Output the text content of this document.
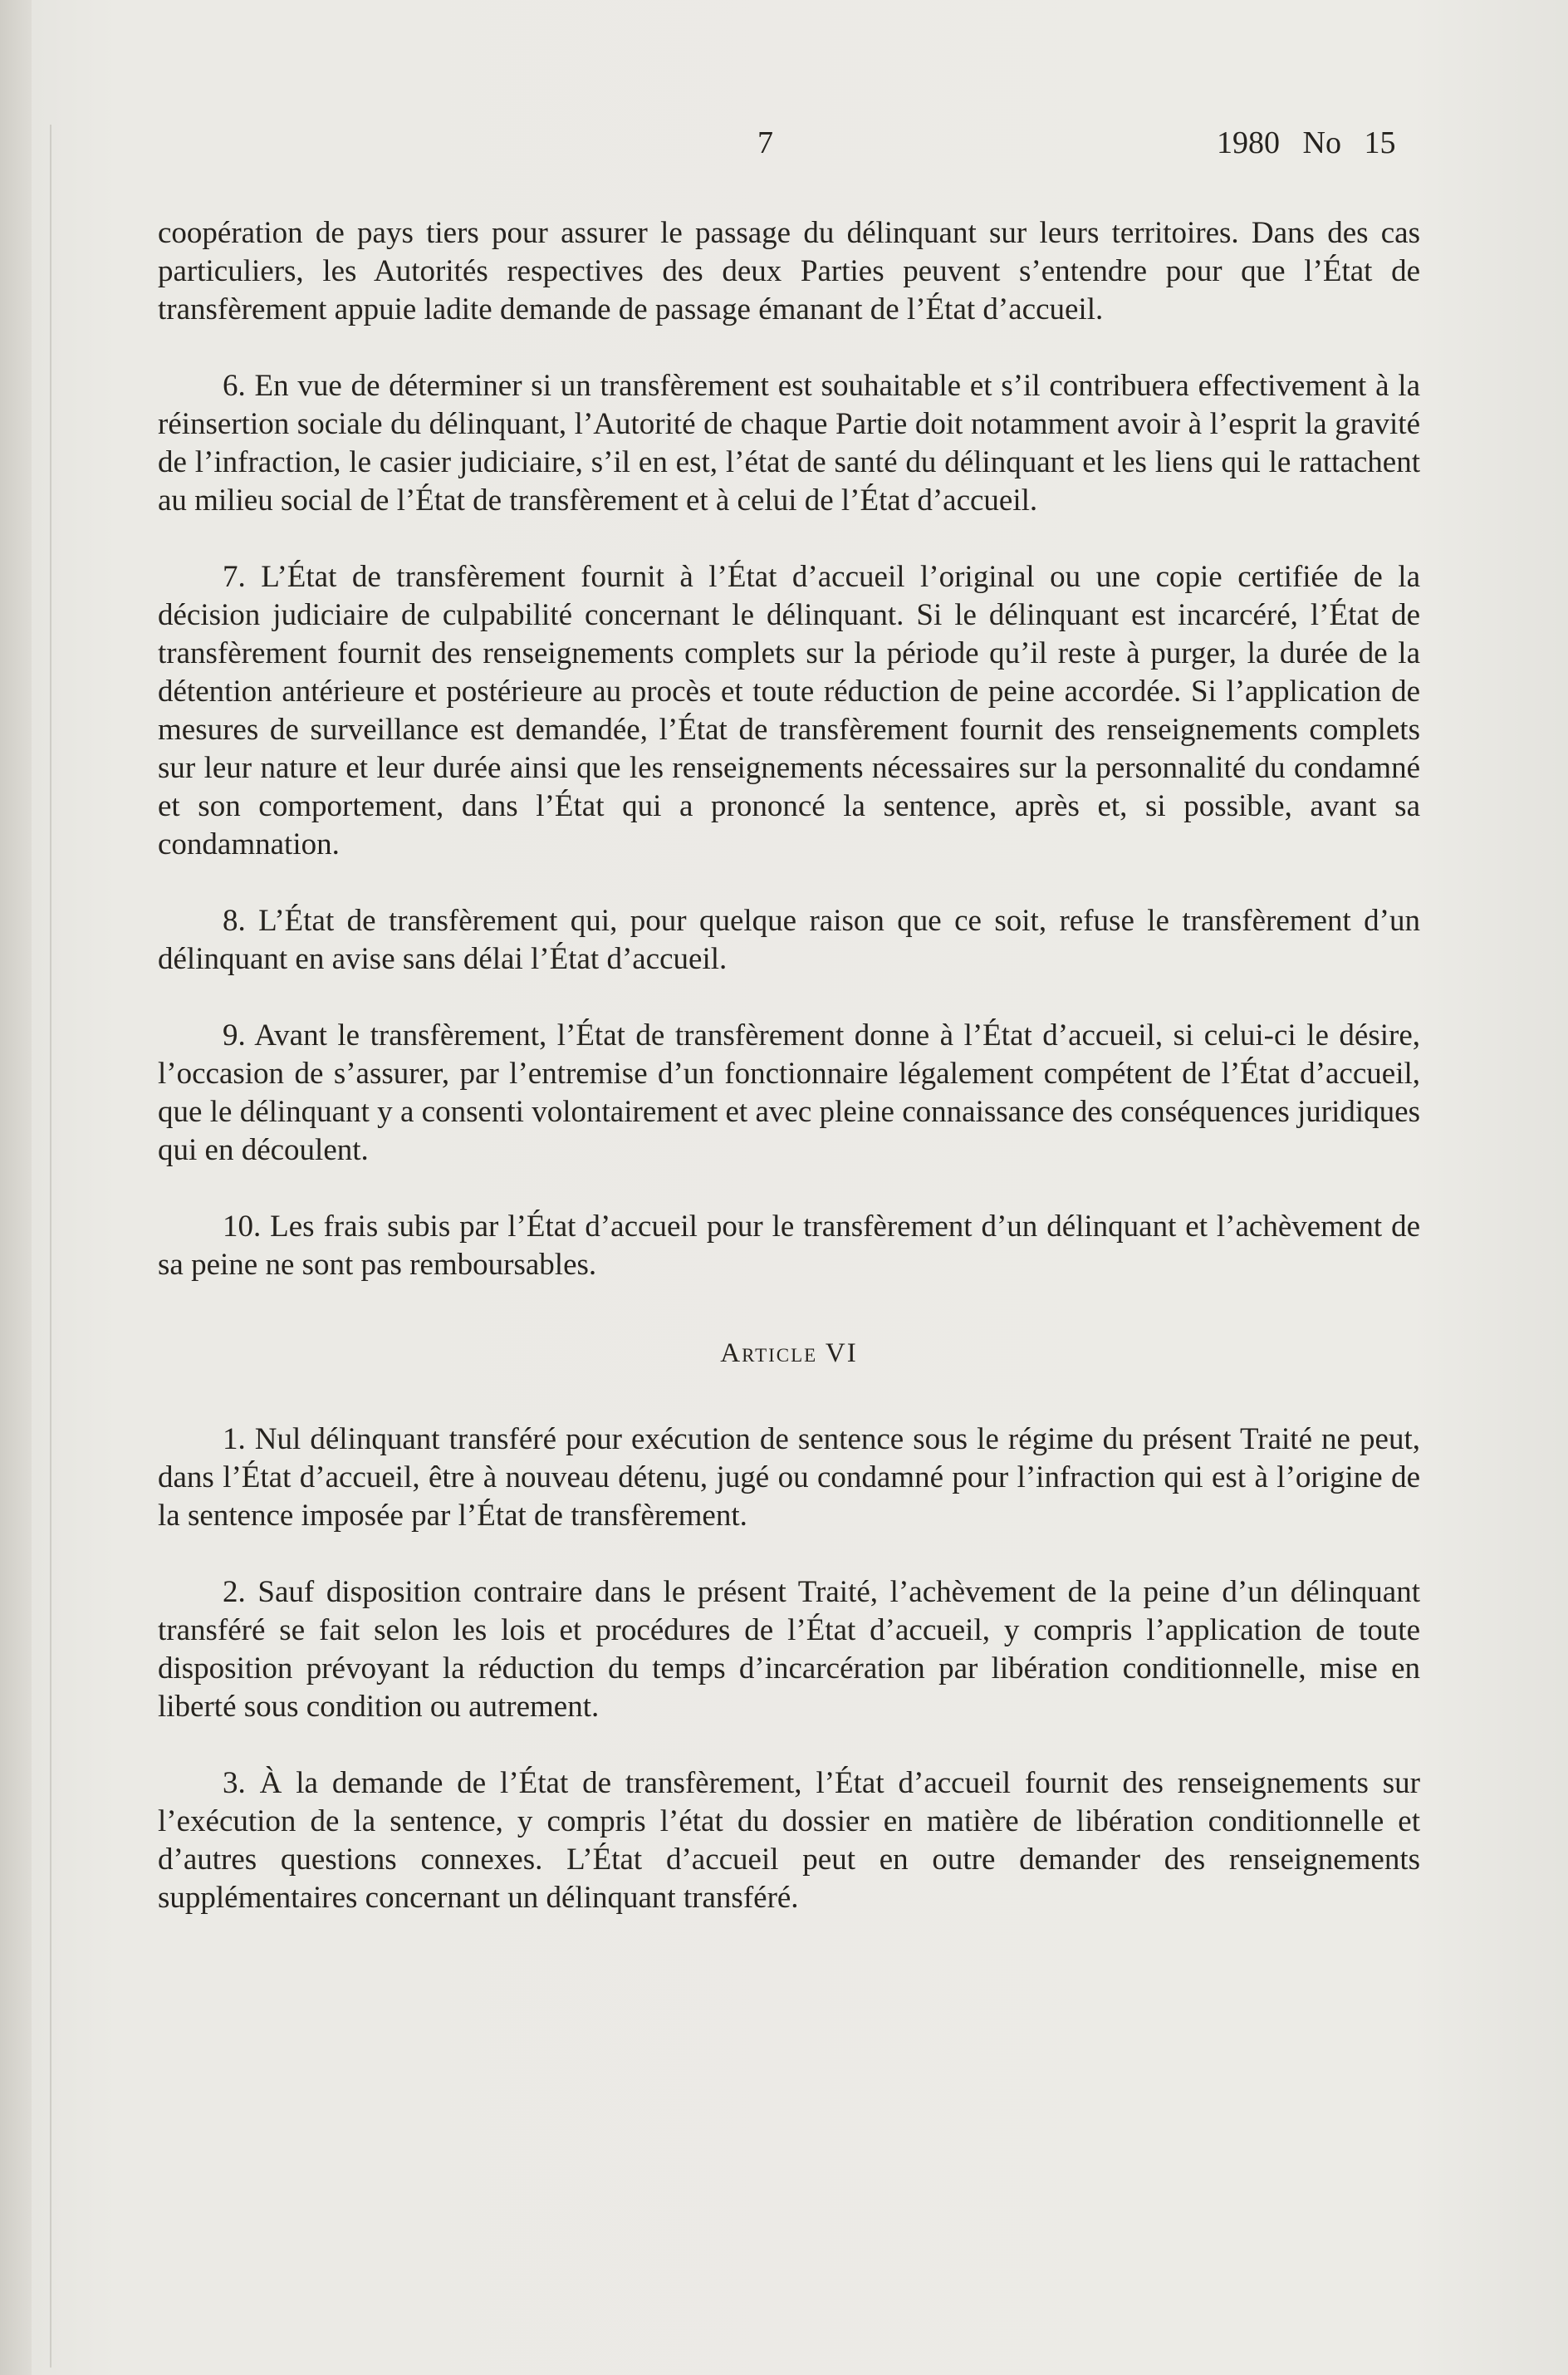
7	1980 No 15

coopération de pays tiers pour assurer le passage du délinquant sur leurs territoires. Dans des cas particuliers, les Autorités respectives des deux Parties peuvent s’entendre pour que l’État de transfèrement appuie ladite demande de passage émanant de l’État d’accueil.

6. En vue de déterminer si un transfèrement est souhaitable et s’il contribuera effectivement à la réinsertion sociale du délinquant, l’Autorité de chaque Partie doit notamment avoir à l’esprit la gravité de l’infraction, le casier judiciaire, s’il en est, l’état de santé du délinquant et les liens qui le rattachent au milieu social de l’État de transfèrement et à celui de l’État d’accueil.

7. L’État de transfèrement fournit à l’État d’accueil l’original ou une copie certifiée de la décision judiciaire de culpabilité concernant le délinquant. Si le délinquant est incarcéré, l’État de transfèrement fournit des renseignements complets sur la période qu’il reste à purger, la durée de la détention antérieure et postérieure au procès et toute réduction de peine accordée. Si l’application de mesures de surveillance est demandée, l’État de transfèrement fournit des renseignements complets sur leur nature et leur durée ainsi que les renseignements nécessaires sur la personnalité du condamné et son comportement, dans l’État qui a prononcé la sentence, après et, si possible, avant sa condamnation.

8. L’État de transfèrement qui, pour quelque raison que ce soit, refuse le transfèrement d’un délinquant en avise sans délai l’État d’accueil.

9. Avant le transfèrement, l’État de transfèrement donne à l’État d’accueil, si celui-ci le désire, l’occasion de s’assurer, par l’entremise d’un fonctionnaire légalement compétent de l’État d’accueil, que le délinquant y a consenti volontairement et avec pleine connaissance des conséquences juridiques qui en découlent.

10. Les frais subis par l’État d’accueil pour le transfèrement d’un délinquant et l’achèvement de sa peine ne sont pas remboursables.

Article VI

1. Nul délinquant transféré pour exécution de sentence sous le régime du présent Traité ne peut, dans l’État d’accueil, être à nouveau détenu, jugé ou condamné pour l’infraction qui est à l’origine de la sentence imposée par l’État de transfèrement.

2. Sauf disposition contraire dans le présent Traité, l’achèvement de la peine d’un délinquant transféré se fait selon les lois et procédures de l’État d’accueil, y compris l’application de toute disposition prévoyant la réduction du temps d’incarcération par libération conditionnelle, mise en liberté sous condition ou autrement.

3. À la demande de l’État de transfèrement, l’État d’accueil fournit des renseignements sur l’exécution de la sentence, y compris l’état du dossier en matière de libération conditionnelle et d’autres questions connexes. L’État d’accueil peut en outre demander des renseignements supplémentaires concernant un délinquant transféré.
